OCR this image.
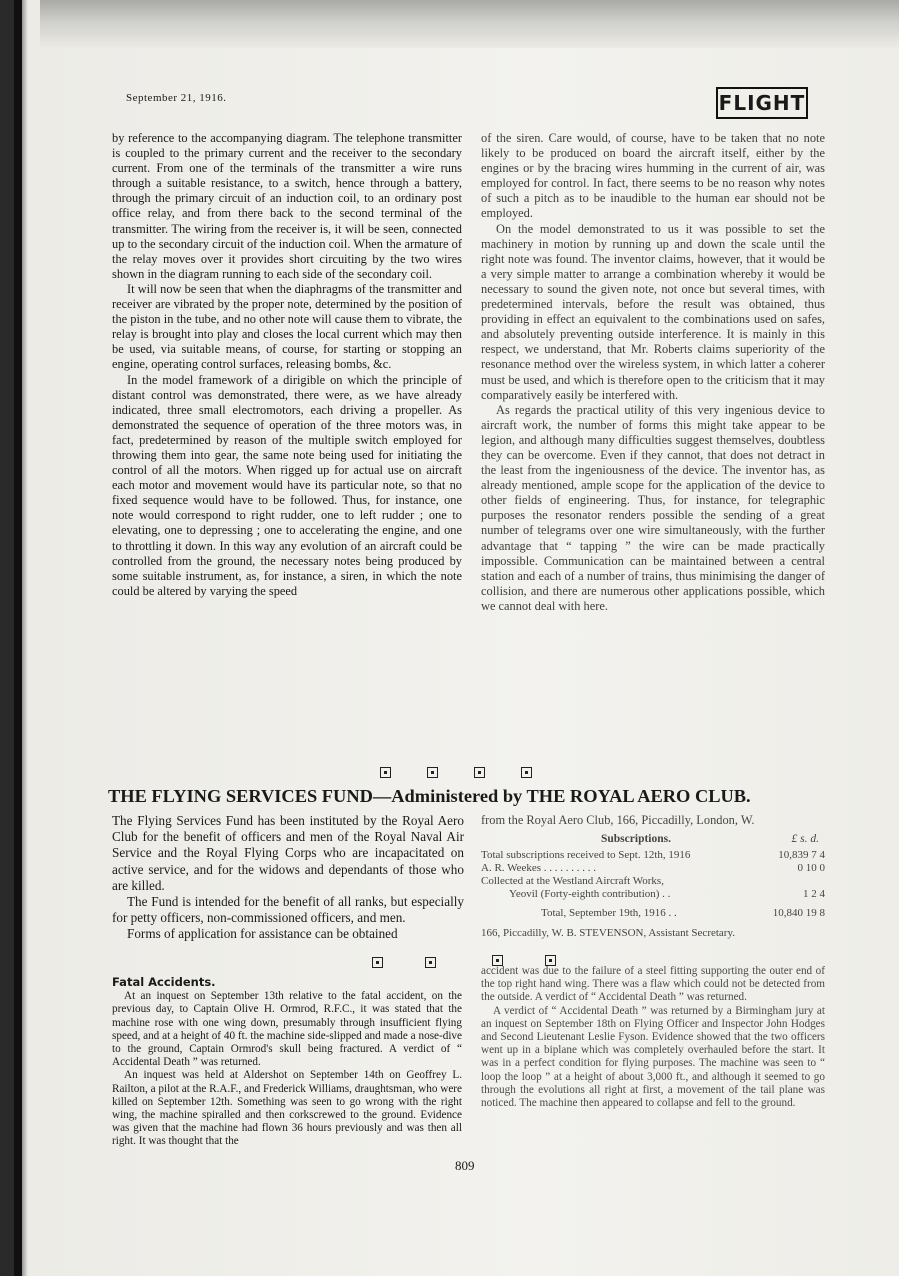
September 21, 1916.	FLIGHT

by reference to the accompanying diagram. The telephone transmitter is coupled to the primary current and the receiver to the secondary current. From one of the terminals of the transmitter a wire runs through a suitable resistance, to a switch, hence through a battery, through the primary circuit of an induction coil, to an ordinary post office relay, and from there back to the second terminal of the transmitter. The wiring from the receiver is, it will be seen, connected up to the secondary circuit of the induction coil. When the armature of the relay moves over it provides short circuiting by the two wires shown in the diagram running to each side of the secondary coil.

It will now be seen that when the diaphragms of the transmitter and receiver are vibrated by the proper note, determined by the position of the piston in the tube, and no other note will cause them to vibrate, the relay is brought into play and closes the local current which may then be used, via suitable means, of course, for starting or stopping an engine, operating control surfaces, releasing bombs, &c.

In the model framework of a dirigible on which the principle of distant control was demonstrated, there were, as we have already indicated, three small electromotors, each driving a propeller. As demonstrated the sequence of operation of the three motors was, in fact, predetermined by reason of the multiple switch employed for throwing them into gear, the same note being used for initiating the control of all the motors. When rigged up for actual use on aircraft each motor and movement would have its particular note, so that no fixed sequence would have to be followed. Thus, for instance, one note would correspond to right rudder, one to left rudder ; one to elevating, one to depressing ; one to accelerating the engine, and one to throttling it down. In this way any evolution of an aircraft could be controlled from the ground, the necessary notes being produced by some suitable instrument, as, for instance, a siren, in which the note could be altered by varying the speed

of the siren. Care would, of course, have to be taken that no note likely to be produced on board the aircraft itself, either by the engines or by the bracing wires humming in the current of air, was employed for control. In fact, there seems to be no reason why notes of such a pitch as to be inaudible to the human ear should not be employed.

On the model demonstrated to us it was possible to set the machinery in motion by running up and down the scale until the right note was found. The inventor claims, however, that it would be a very simple matter to arrange a combination whereby it would be necessary to sound the given note, not once but several times, with predetermined intervals, before the result was obtained, thus providing in effect an equivalent to the combinations used on safes, and absolutely preventing outside interference. It is mainly in this respect, we understand, that Mr. Roberts claims superiority of the resonance method over the wireless system, in which latter a coherer must be used, and which is therefore open to the criticism that it may comparatively easily be interfered with.

As regards the practical utility of this very ingenious device to aircraft work, the number of forms this might take appear to be legion, and although many difficulties suggest themselves, doubtless they can be overcome. Even if they cannot, that does not detract in the least from the ingeniousness of the device. The inventor has, as already mentioned, ample scope for the application of the device to other fields of engineering. Thus, for instance, for telegraphic purposes the resonator renders possible the sending of a great number of telegrams over one wire simultaneously, with the further advantage that “ tapping ” the wire can be made practically impossible. Communication can be maintained between a central station and each of a number of trains, thus minimising the danger of collision, and there are numerous other applications possible, which we cannot deal with here.

THE FLYING SERVICES FUND—Administered by THE ROYAL AERO CLUB.

The Flying Services Fund has been instituted by the Royal Aero Club for the benefit of officers and men of the Royal Naval Air Service and the Royal Flying Corps who are incapacitated on active service, and for the widows and dependants of those who are killed.

The Fund is intended for the benefit of all ranks, but especially for petty officers, non-commissioned officers, and men.

Forms of application for assistance can be obtained

from the Royal Aero Club, 166, Piccadilly, London, W.

Subscriptions.	£ s. d.
Total subscriptions received to Sept. 12th, 1916	10,839 7 4
A. R. Weekes . . . . . . . . . .	0 10 0
Collected at the Westland Aircraft Works,
Yeovil (Forty-eighth contribution) . .	1 2 4
Total, September 19th, 1916 . .	10,840 19 8
166, Piccadilly, W. B. STEVENSON, Assistant Secretary.
Fatal Accidents.

At an inquest on September 13th relative to the fatal accident, on the previous day, to Captain Olive H. Ormrod, R.F.C., it was stated that the machine rose with one wing down, presumably through insufficient flying speed, and at a height of 40 ft. the machine side-slipped and made a nose-dive to the ground, Captain Ormrod's skull being fractured. A verdict of “ Accidental Death ” was returned.

An inquest was held at Aldershot on September 14th on Geoffrey L. Railton, a pilot at the R.A.F., and Frederick Williams, draughtsman, who were killed on September 12th. Something was seen to go wrong with the right wing, the machine spiralled and then corkscrewed to the ground. Evidence was given that the machine had flown 36 hours previously and was then all right. It was thought that the

accident was due to the failure of a steel fitting supporting the outer end of the top right hand wing. There was a flaw which could not be detected from the outside. A verdict of “ Accidental Death ” was returned.

A verdict of “ Accidental Death ” was returned by a Birmingham jury at an inquest on September 18th on Flying Officer and Inspector John Hodges and Second Lieutenant Leslie Fyson. Evidence showed that the two officers went up in a biplane which was completely overhauled before the start. It was in a perfect condition for flying purposes. The machine was seen to “ loop the loop ” at a height of about 3,000 ft., and although it seemed to go through the evolutions all right at first, a movement of the tail plane was noticed. The machine then appeared to collapse and fell to the ground.

809
